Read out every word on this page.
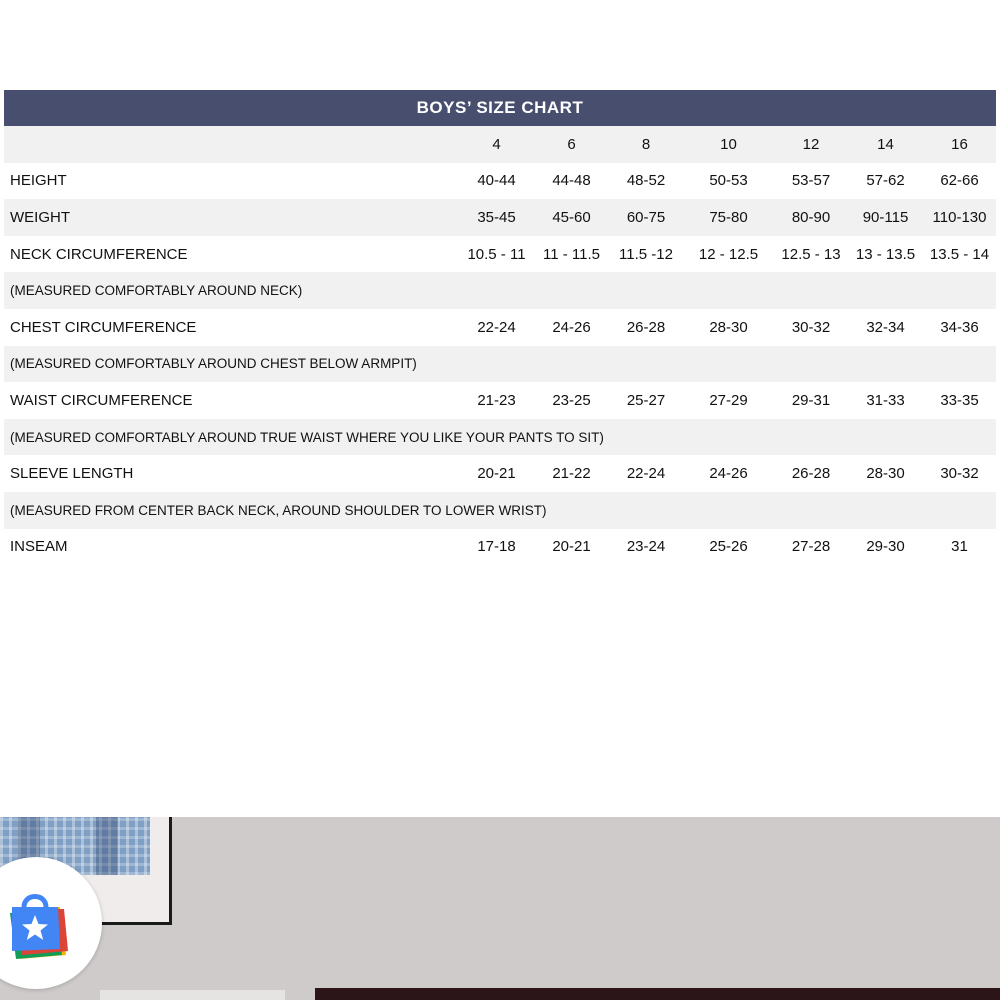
BOYS’ SIZE CHART
	4	6	8	10	12	14	16
HEIGHT	40-44	44-48	48-52	50-53	53-57	57-62	62-66
WEIGHT	35-45	45-60	60-75	75-80	80-90	90-115	110-130
NECK CIRCUMFERENCE	10.5 - 11	11 - 11.5	11.5 -12	12 - 12.5	12.5 - 13	13 - 13.5	13.5 - 14
(MEASURED COMFORTABLY AROUND NECK)							
CHEST CIRCUMFERENCE	22-24	24-26	26-28	28-30	30-32	32-34	34-36
(MEASURED COMFORTABLY AROUND CHEST BELOW ARMPIT)							
WAIST CIRCUMFERENCE	21-23	23-25	25-27	27-29	29-31	31-33	33-35
(MEASURED COMFORTABLY AROUND TRUE WAIST WHERE YOU LIKE YOUR PANTS TO SIT)							
SLEEVE LENGTH	20-21	21-22	22-24	24-26	26-28	28-30	30-32
(MEASURED FROM CENTER BACK NECK, AROUND SHOULDER TO LOWER WRIST)							
INSEAM	17-18	20-21	23-24	25-26	27-28	29-30	31
